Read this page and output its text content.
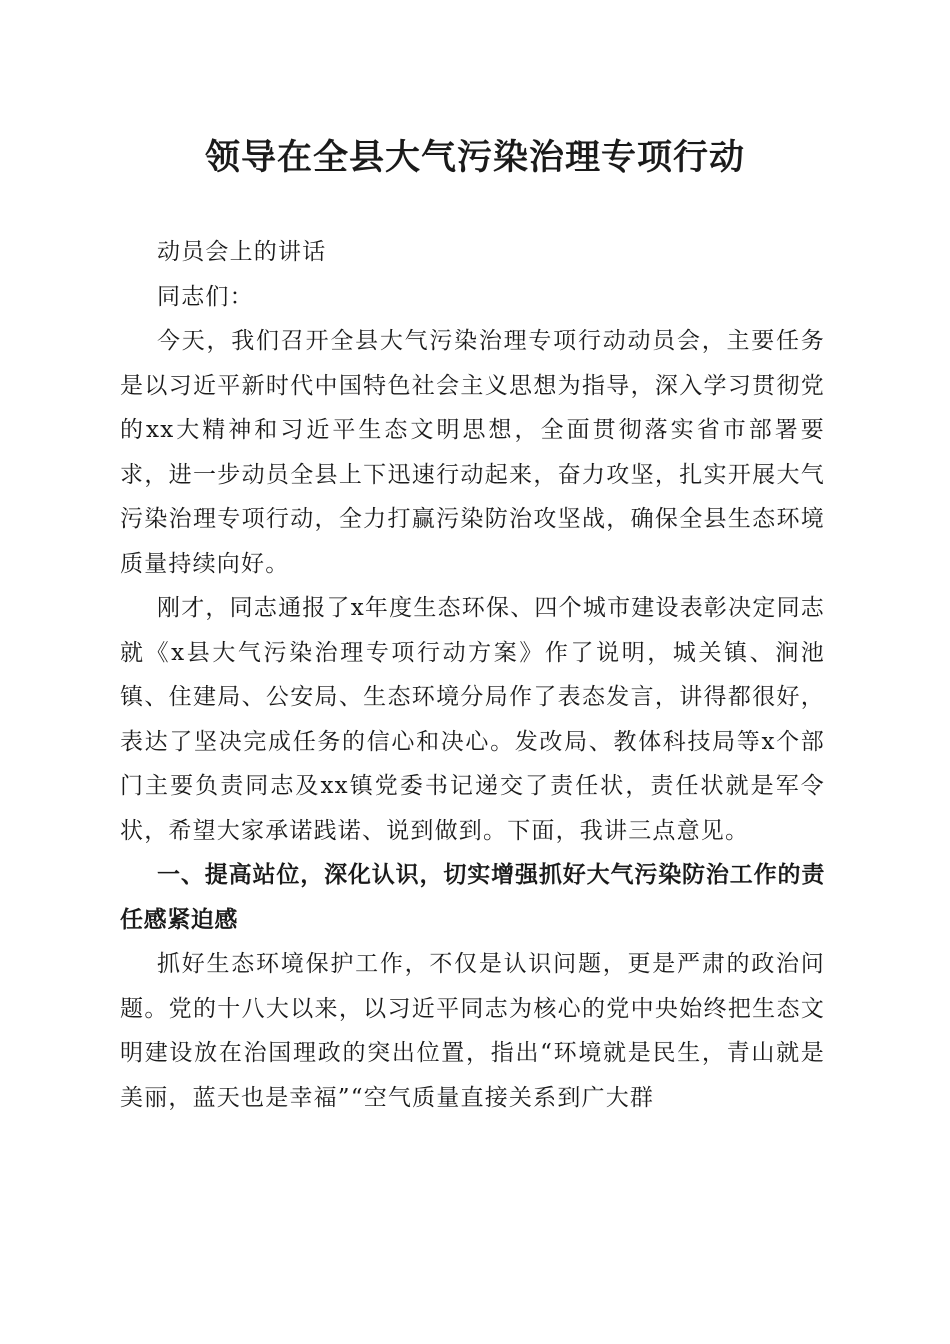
领导在全县大气污染治理专项行动

动员会上的讲话

同志们：

今天，我们召开全县大气污染治理专项行动动员会，主要任务是以习近平新时代中国特色社会主义思想为指导，深入学习贯彻党的xx大精神和习近平生态文明思想，全面贯彻落实省市部署要求，进一步动员全县上下迅速行动起来，奋力攻坚，扎实开展大气污染治理专项行动，全力打赢污染防治攻坚战，确保全县生态环境质量持续向好。

刚才，同志通报了x年度生态环保、四个城市建设表彰决定同志就《x县大气污染治理专项行动方案》作了说明，城关镇、涧池镇、住建局、公安局、生态环境分局作了表态发言，讲得都很好，表达了坚决完成任务的信心和决心。发改局、教体科技局等x个部门主要负责同志及xx镇党委书记递交了责任状，责任状就是军令状，希望大家承诺践诺、说到做到。下面，我讲三点意见。

一、提高站位，深化认识，切实增强抓好大气污染防治工作的责任感紧迫感

抓好生态环境保护工作，不仅是认识问题，更是严肃的政治问题。党的十八大以来，以习近平同志为核心的党中央始终把生态文明建设放在治国理政的突出位置，指出“环境就是民生，青山就是美丽，蓝天也是幸福”“空气质量直接关系到广大群
